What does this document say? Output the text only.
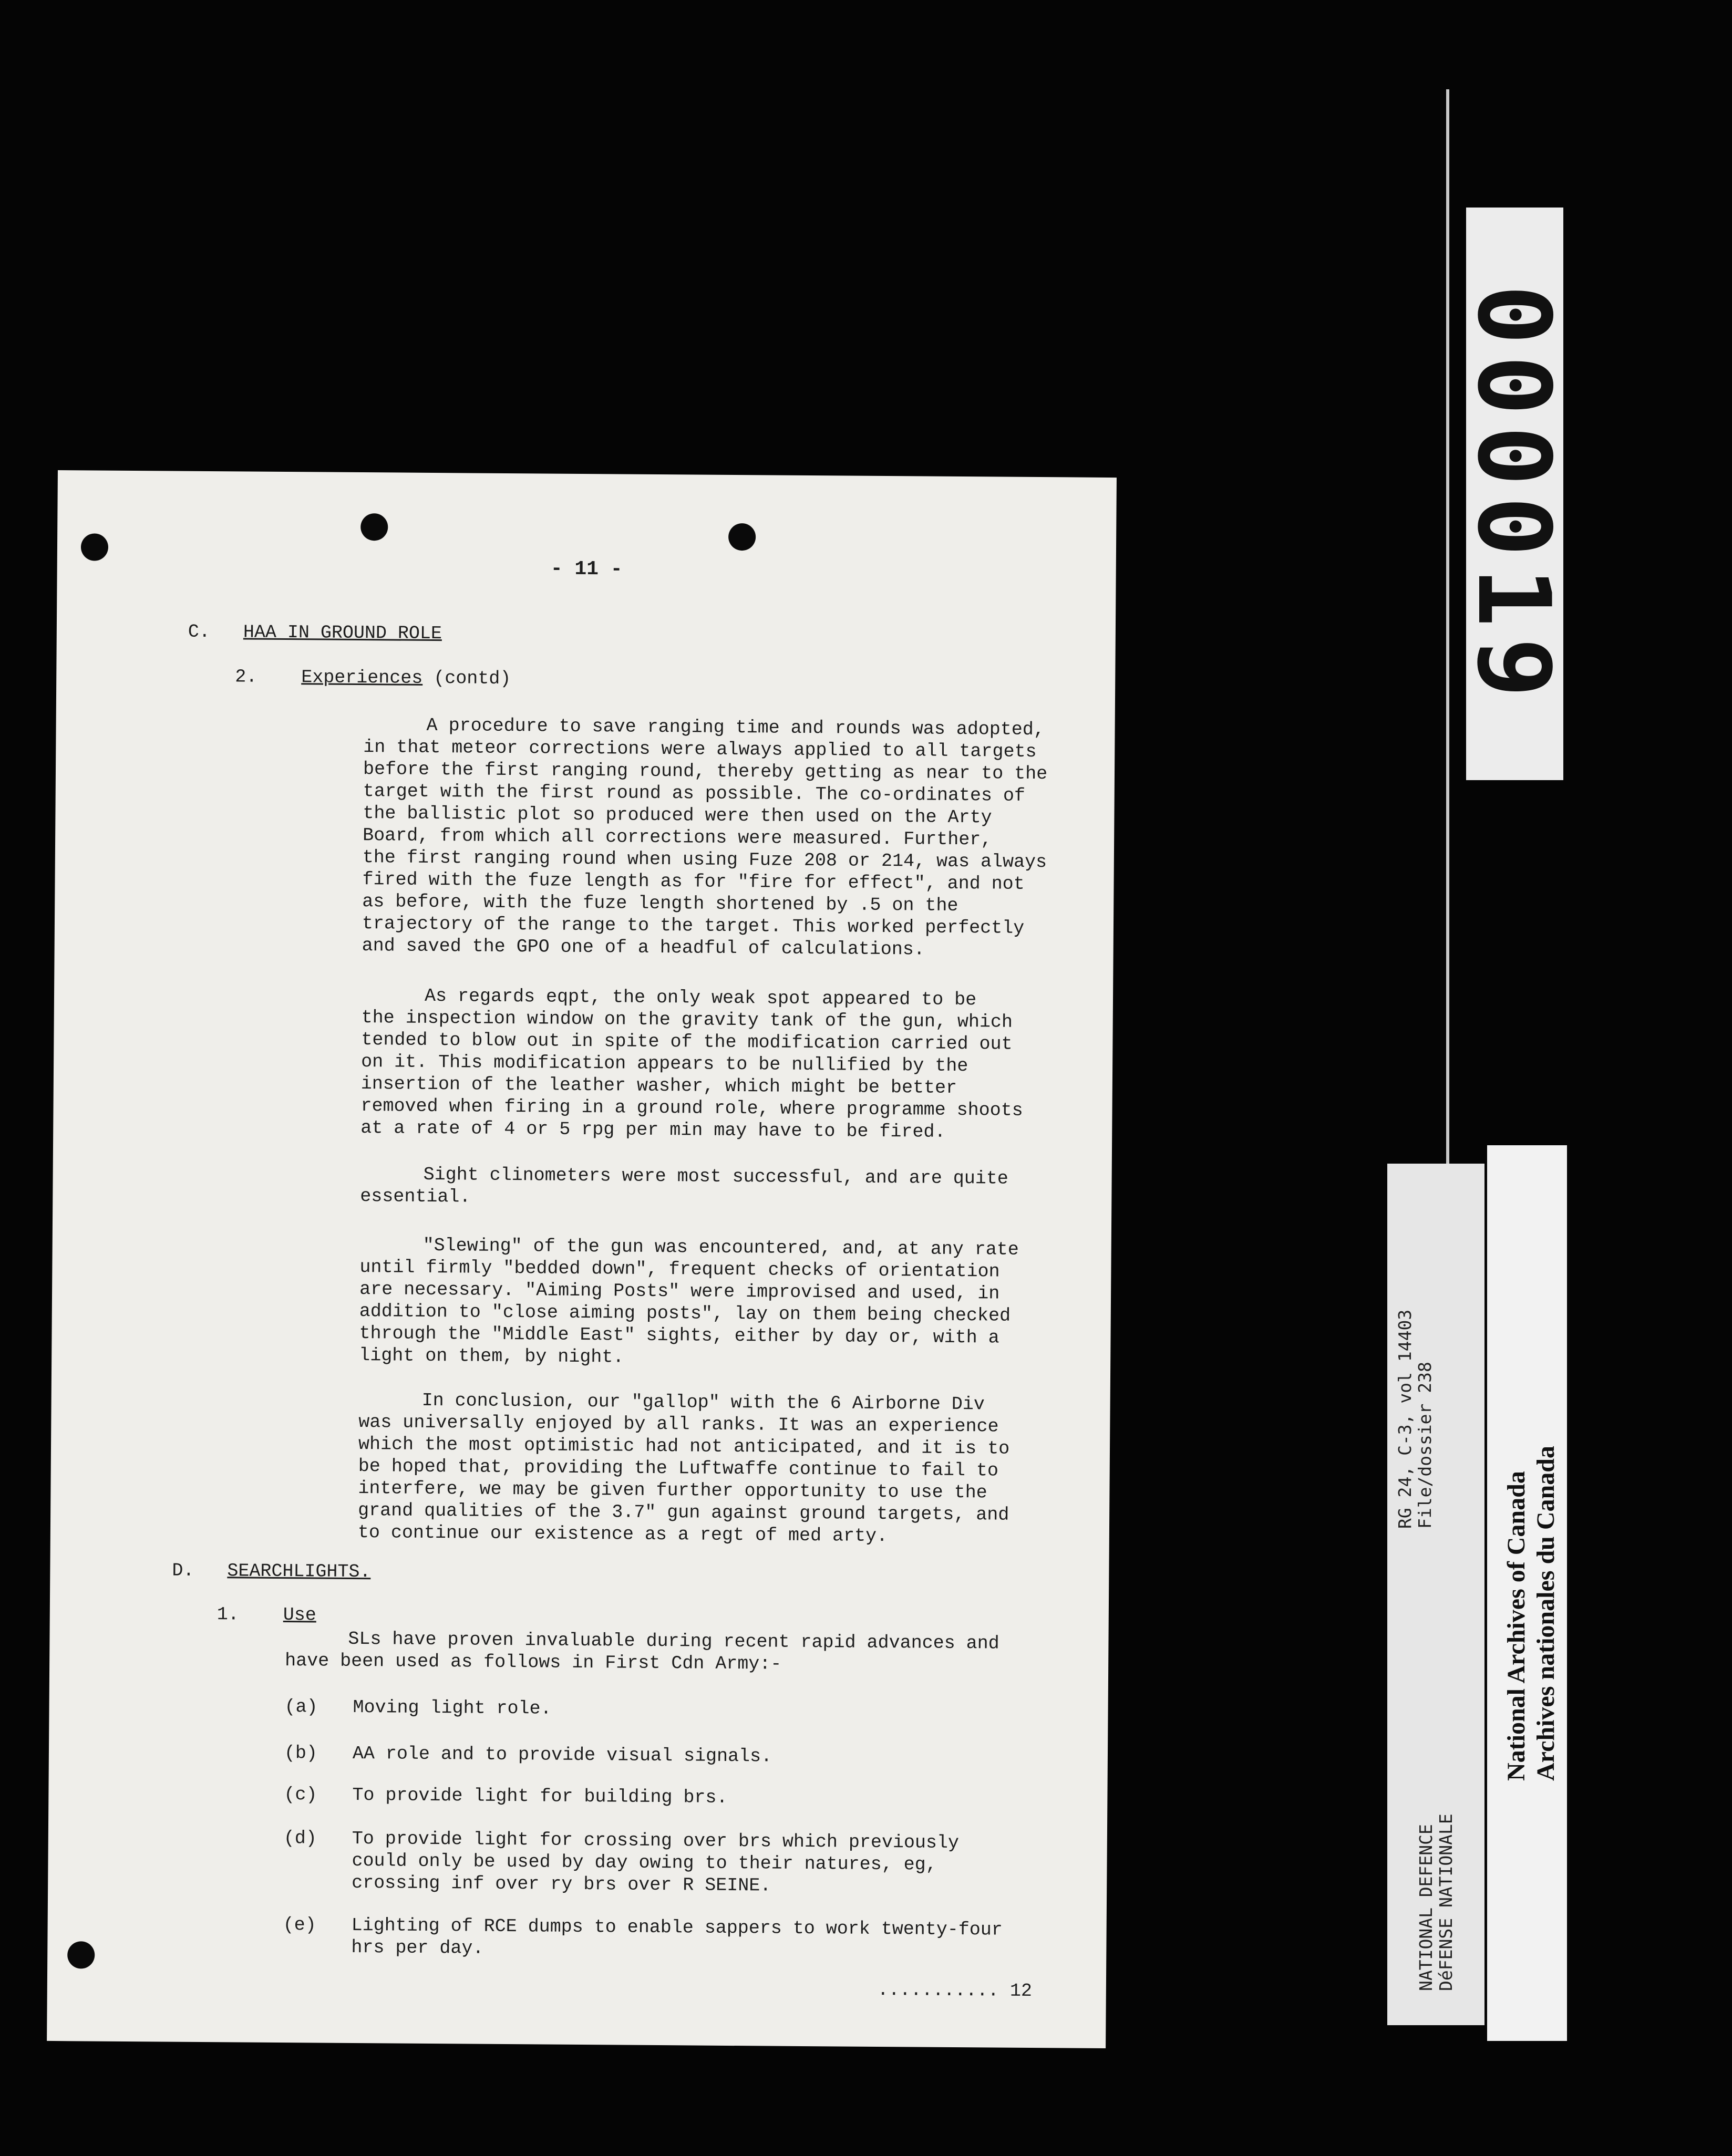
- 11 -
C. HAA IN GROUND ROLE
2. Experiences (contd)
A procedure to save ranging time and rounds was adopted,
in that meteor corrections were always applied to all targets
before the first ranging round, thereby getting as near to the
target with the first round as possible. The co-ordinates of
the ballistic plot so produced were then used on the Arty
Board, from which all corrections were measured. Further,
the first ranging round when using Fuze 208 or 214, was always
fired with the fuze length as for "fire for effect", and not
as before, with the fuze length shortened by .5 on the
trajectory of the range to the target. This worked perfectly
and saved the GPO one of a headful of calculations.
As regards eqpt, the only weak spot appeared to be
the inspection window on the gravity tank of the gun, which
tended to blow out in spite of the modification carried out
on it. This modification appears to be nullified by the
insertion of the leather washer, which might be better
removed when firing in a ground role, where programme shoots
at a rate of 4 or 5 rpg per min may have to be fired.
Sight clinometers were most successful, and are quite
essential.
"Slewing" of the gun was encountered, and, at any rate
until firmly "bedded down", frequent checks of orientation
are necessary. "Aiming Posts" were improvised and used, in
addition to "close aiming posts", lay on them being checked
through the "Middle East" sights, either by day or, with a
light on them, by night.
In conclusion, our "gallop" with the 6 Airborne Div
was universally enjoyed by all ranks. It was an experience
which the most optimistic had not anticipated, and it is to
be hoped that, providing the Luftwaffe continue to fail to
interfere, we may be given further opportunity to use the
grand qualities of the 3.7" gun against ground targets, and
to continue our existence as a regt of med arty.
D. SEARCHLIGHTS.
1. Use
SLs have proven invaluable during recent rapid advances and
have been used as follows in First Cdn Army:-
(a)	Moving light role.
(b)	AA role and to provide visual signals.
(c)	To provide light for building brs.
(d)	To provide light for crossing over brs which previously
could only be used by day owing to their natures, eg,
crossing inf over ry brs over R SEINE.
(e)	Lighting of RCE dumps to enable sappers to work twenty-four
hrs per day.
........... 12
000019
NATIONAL DEFENCE DéFENSE NATIONALE
RG 24, C-3, vol 14403 File/dossier 238
National Archives of Canada Archives nationales du Canada
